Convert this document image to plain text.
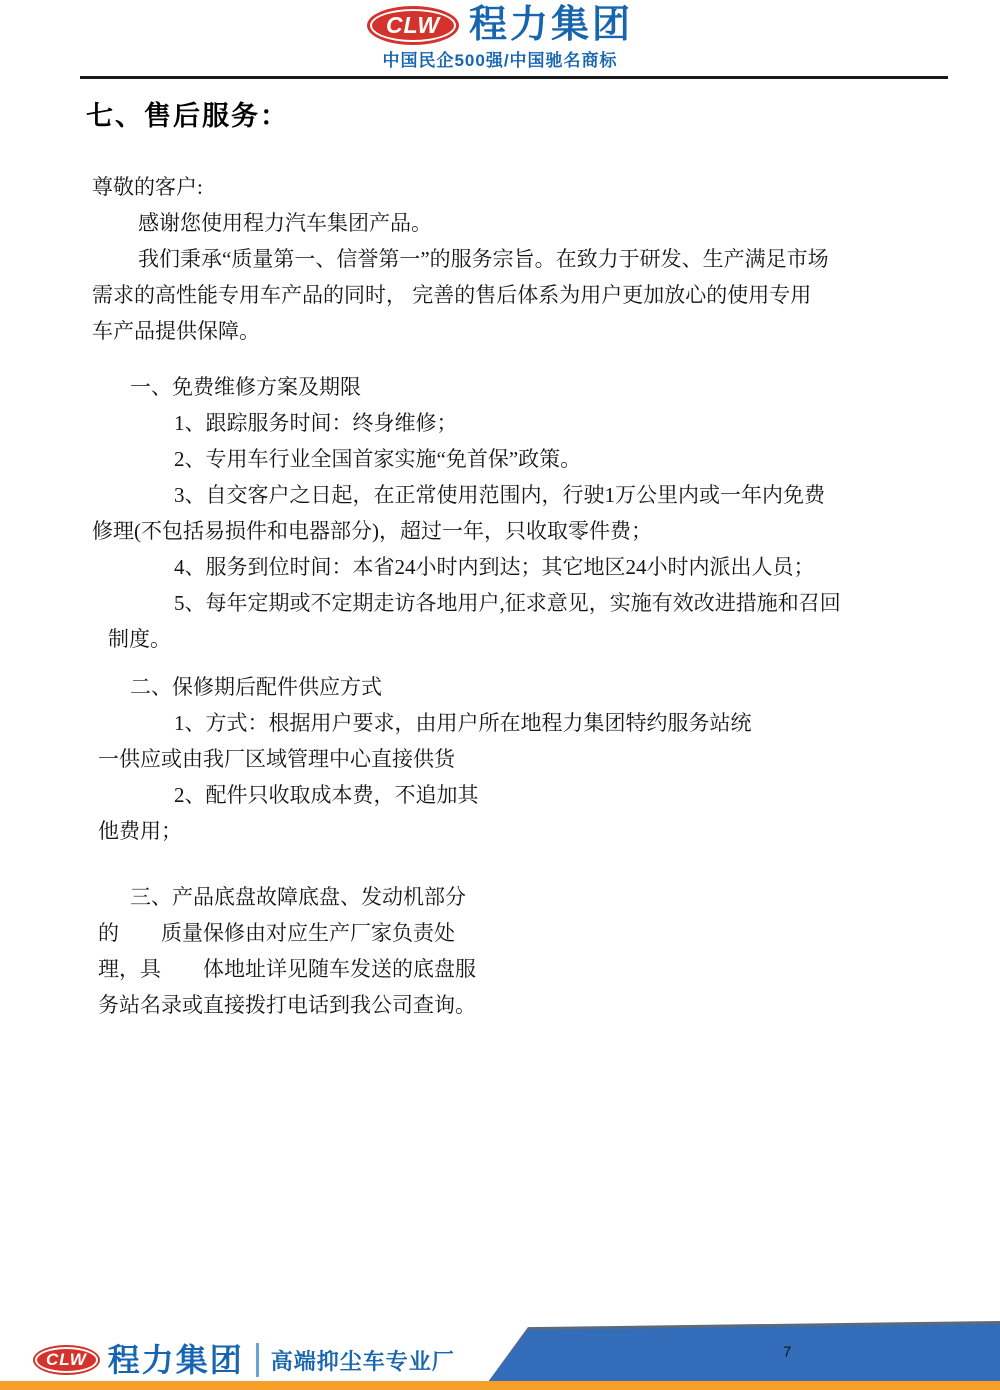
CLW 程力集团
中国民企500强/中国驰名商标
七、售后服务：
尊敬的客户:
感谢您使用程力汽车集团产品。
我们秉承“质量第一、信誉第一”的服务宗旨。在致力于研发、生产满足市场
需求的高性能专用车产品的同时， 完善的售后体系为用户更加放心的使用专用
车产品提供保障。
一、免费维修方案及期限
1、跟踪服务时间：终身维修；
2、专用车行业全国首家实施“免首保”政策。
3、自交客户之日起，在正常使用范围内，行驶1万公里内或一年内免费
修理(不包括易损件和电器部分)，超过一年，只收取零件费；
4、服务到位时间：本省24小时内到达；其它地区24小时内派出人员；
5、每年定期或不定期走访各地用户,征求意见，实施有效改进措施和召回
制度。
二、保修期后配件供应方式
1、方式：根据用户要求，由用户所在地程力集团特约服务站统
一供应或由我厂区域管理中心直接供货
2、配件只收取成本费，不追加其
他费用；
三、产品底盘故障底盘、发动机部分
的　　质量保修由对应生产厂家负责处
理，具　　体地址详见随车发送的底盘服
务站名录或直接拨打电话到我公司查询。
CLW 程力集团 高端抑尘车专业厂	7
